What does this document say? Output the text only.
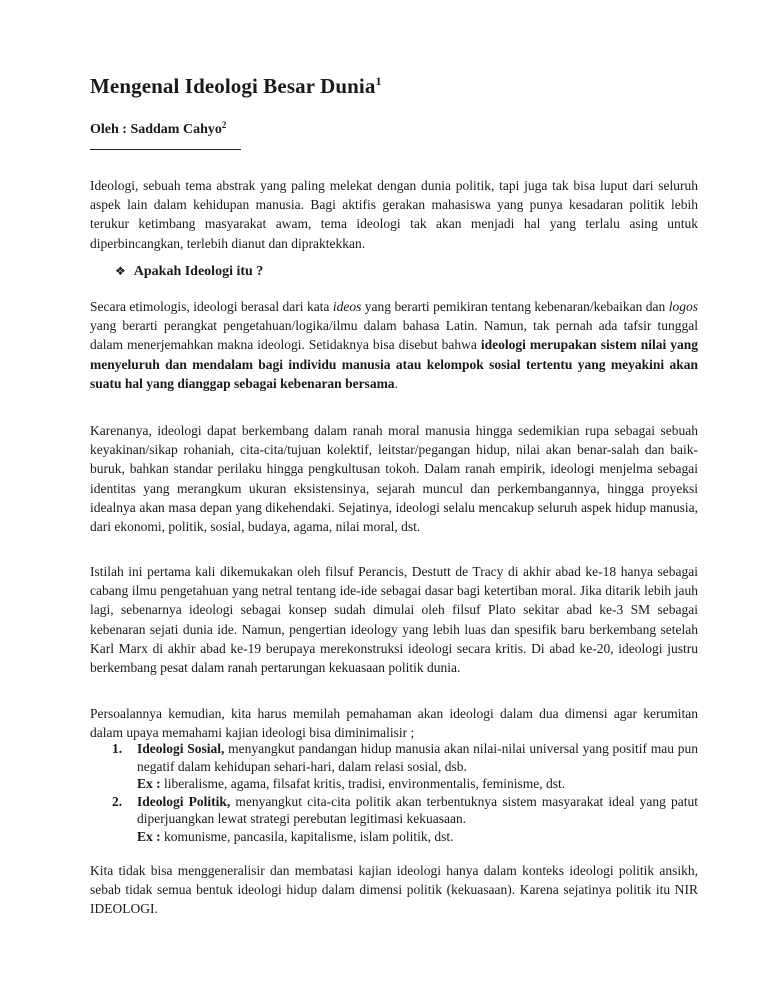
Mengenal Ideologi Besar Dunia$^1$
Oleh : Saddam Cahyo$^2$

Ideologi, sebuah tema abstrak yang paling melekat dengan dunia politik, tapi juga tak bisa luput dari seluruh aspek lain dalam kehidupan manusia. Bagi aktifis gerakan mahasiswa yang punya kesadaran politik lebih terukur ketimbang masyarakat awam, tema ideologi tak akan menjadi hal yang terlalu asing untuk diperbincangkan, terlebih dianut dan dipraktekkan.

❖ Apakah Ideologi itu ?

Secara etimologis, ideologi berasal dari kata ideos yang berarti pemikiran tentang kebenaran/kebaikan dan logos yang berarti perangkat pengetahuan/logika/ilmu dalam bahasa Latin. Namun, tak pernah ada tafsir tunggal dalam menerjemahkan makna ideologi. Setidaknya bisa disebut bahwa ideologi merupakan sistem nilai yang menyeluruh dan mendalam bagi individu manusia atau kelompok sosial tertentu yang meyakini akan suatu hal yang dianggap sebagai kebenaran bersama.

Karenanya, ideologi dapat berkembang dalam ranah moral manusia hingga sedemikian rupa sebagai sebuah keyakinan/sikap rohaniah, cita-cita/tujuan kolektif, leitstar/pegangan hidup, nilai akan benar-salah dan baik-buruk, bahkan standar perilaku hingga pengkultusan tokoh. Dalam ranah empirik, ideologi menjelma sebagai identitas yang merangkum ukuran eksistensinya, sejarah muncul dan perkembangannya, hingga proyeksi idealnya akan masa depan yang dikehendaki. Sejatinya, ideologi selalu mencakup seluruh aspek hidup manusia, dari ekonomi, politik, sosial, budaya, agama, nilai moral, dst.

Istilah ini pertama kali dikemukakan oleh filsuf Perancis, Destutt de Tracy di akhir abad ke-18 hanya sebagai cabang ilmu pengetahuan yang netral tentang ide-ide sebagai dasar bagi ketertiban moral. Jika ditarik lebih jauh lagi, sebenarnya ideologi sebagai konsep sudah dimulai oleh filsuf Plato sekitar abad ke-3 SM sebagai kebenaran sejati dunia ide. Namun, pengertian ideology yang lebih luas dan spesifik baru berkembang setelah Karl Marx di akhir abad ke-19 berupaya merekonstruksi ideologi secara kritis. Di abad ke-20, ideologi justru berkembang pesat dalam ranah pertarungan kekuasaan politik dunia.

Persoalannya kemudian, kita harus memilah pemahaman akan ideologi dalam dua dimensi agar kerumitan dalam upaya memahami kajian ideologi bisa diminimalisir ;

1. Ideologi Sosial, menyangkut pandangan hidup manusia akan nilai-nilai universal yang positif mau pun negatif dalam kehidupan sehari-hari, dalam relasi sosial, dsb.
Ex : liberalisme, agama, filsafat kritis, tradisi, environmentalis, feminisme, dst.
2. Ideologi Politik, menyangkut cita-cita politik akan terbentuknya sistem masyarakat ideal yang patut diperjuangkan lewat strategi perebutan legitimasi kekuasaan.
Ex : komunisme, pancasila, kapitalisme, islam politik, dst.

Kita tidak bisa menggeneralisir dan membatasi kajian ideologi hanya dalam konteks ideologi politik ansikh, sebab tidak semua bentuk ideologi hidup dalam dimensi politik (kekuasaan). Karena sejatinya politik itu NIR IDEOLOGI.
